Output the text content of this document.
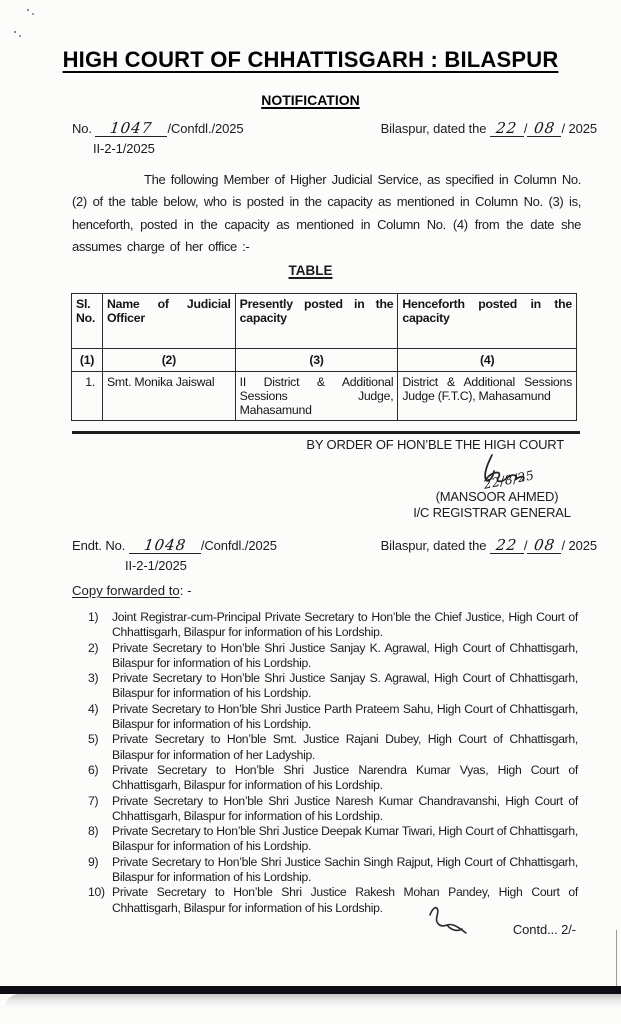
HIGH COURT OF CHHATTISGARH : BILASPUR
NOTIFICATION
No. 1047 /Confdl./2025
II-2-1/2025
Bilaspur, dated the 22 / 08 / 2025
The following Member of Higher Judicial Service, as specified in Column No. (2) of the table below, who is posted in the capacity as mentioned in Column No. (3) is, henceforth, posted in the capacity as mentioned in Column No. (4) from the date she assumes charge of her office :-
TABLE
Sl. No.	Name of Judicial Officer	Presently posted in the capacity	Henceforth posted in the capacity
(1)	(2)	(3)	(4)
1.	Smt. Monika Jaiswal	II District & Additional Sessions Judge, Mahasamund	District & Additional Sessions Judge (F.T.C), Mahasamund
BY ORDER OF HON’BLE THE HIGH COURT
22/8/25
(MANSOOR AHMED)
I/C REGISTRAR GENERAL
Endt. No. 1048 /Confdl./2025
II-2-1/2025
Bilaspur, dated the 22 / 08 / 2025
Copy forwarded to: -
1)	Joint Registrar-cum-Principal Private Secretary to Hon’ble the Chief Justice, High Court of Chhattisgarh, Bilaspur for information of his Lordship.
2)	Private Secretary to Hon’ble Shri Justice Sanjay K. Agrawal, High Court of Chhattisgarh, Bilaspur for information of his Lordship.
3)	Private Secretary to Hon’ble Shri Justice Sanjay S. Agrawal, High Court of Chhattisgarh, Bilaspur for information of his Lordship.
4)	Private Secretary to Hon’ble Shri Justice Parth Prateem Sahu, High Court of Chhattisgarh, Bilaspur for information of his Lordship.
5)	Private Secretary to Hon’ble Smt. Justice Rajani Dubey, High Court of Chhattisgarh, Bilaspur for information of her Ladyship.
6)	Private Secretary to Hon’ble Shri Justice Narendra Kumar Vyas, High Court of Chhattisgarh, Bilaspur for information of his Lordship.
7)	Private Secretary to Hon’ble Shri Justice Naresh Kumar Chandravanshi, High Court of Chhattisgarh, Bilaspur for information of his Lordship.
8)	Private Secretary to Hon’ble Shri Justice Deepak Kumar Tiwari, High Court of Chhattisgarh, Bilaspur for information of his Lordship.
9)	Private Secretary to Hon’ble Shri Justice Sachin Singh Rajput, High Court of Chhattisgarh, Bilaspur for information of his Lordship.
10) Private Secretary to Hon’ble Shri Justice Rakesh Mohan Pandey, High Court of Chhattisgarh, Bilaspur for information of his Lordship.
Contd... 2/-
